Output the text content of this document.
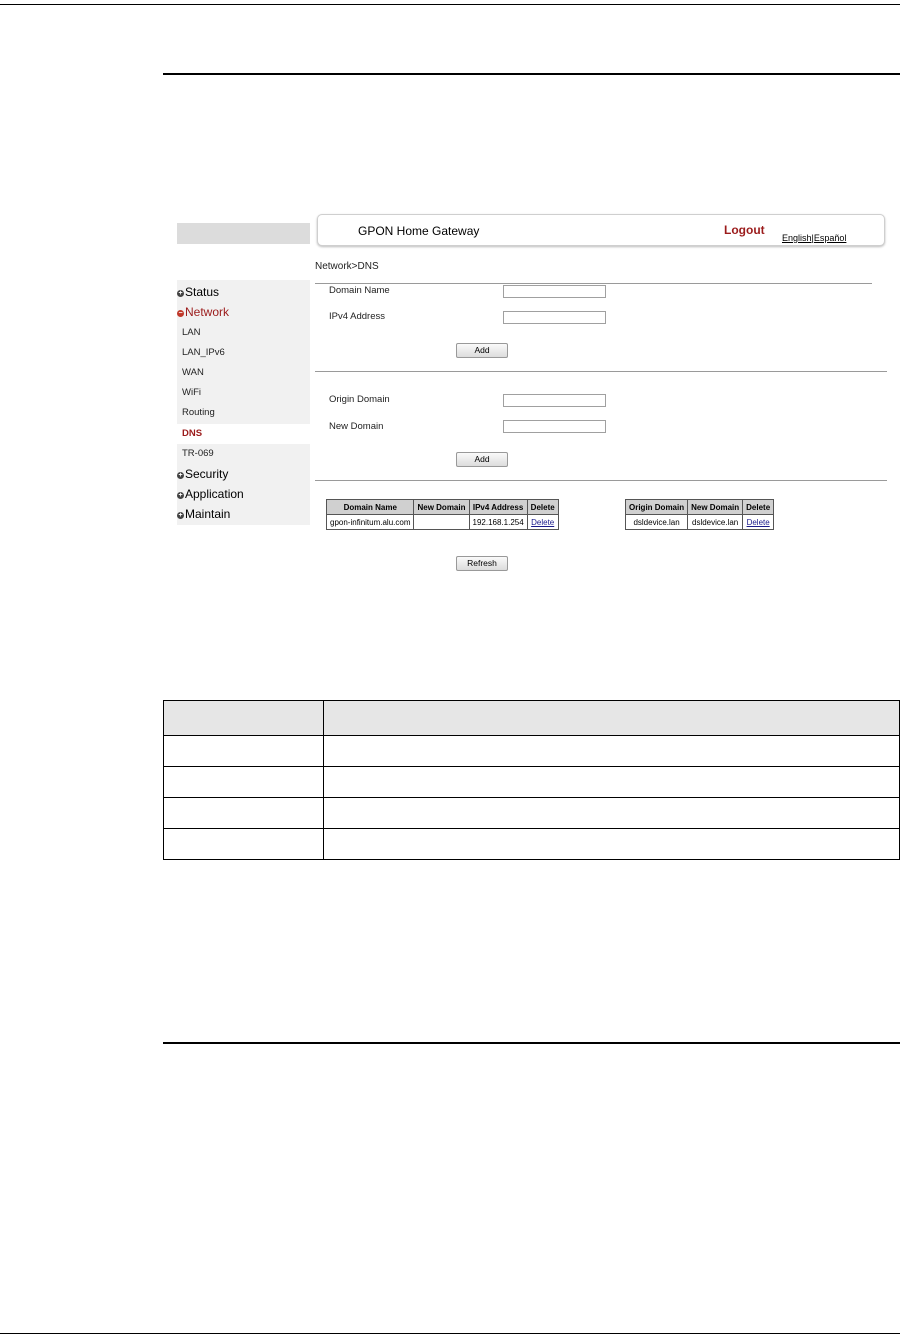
GPON Home Gateway	Logout
English|Español
+ Status
− Network
LAN
LAN_IPv6
WAN
WiFi
Routing
DNS
TR-069
+ Security
+ Application
+ Maintain
Network>DNS
Domain Name
IPv4 Address
Add
Origin Domain
New Domain
Add
Domain Name	New Domain	IPv4 Address	Delete
gpon-infinitum.alu.com		192.168.1.254	Delete
Origin Domain	New Domain	Delete
dsldevice.lan	dsldevice.lan	Delete
Refresh
